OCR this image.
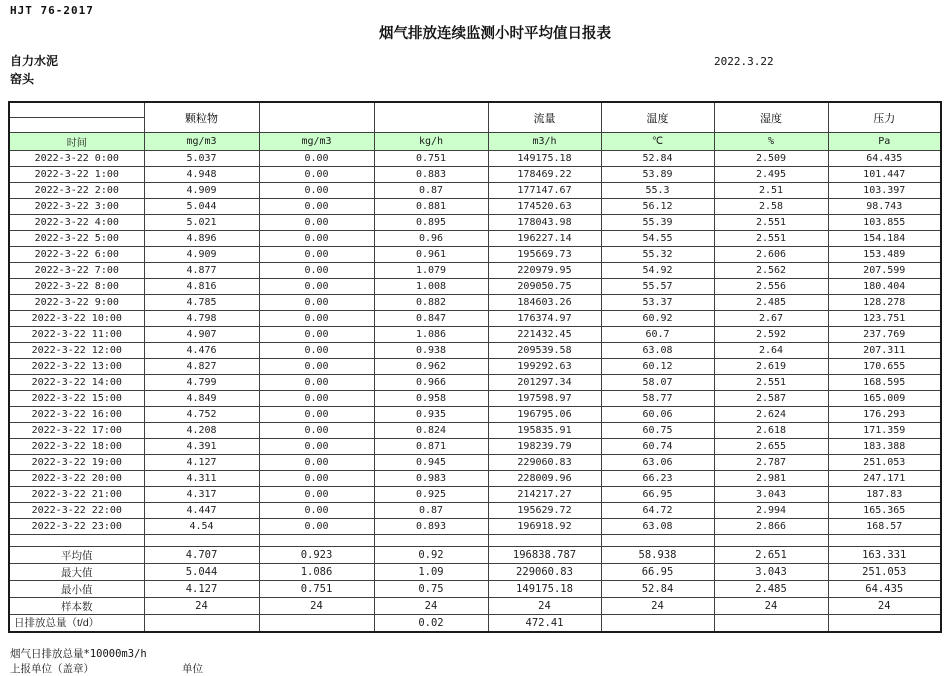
HJT 76-2017
烟气排放连续监测小时平均值日报表
自力水泥
窑头
2022.3.22
	颗粒物			流量	温度	湿度	压力
时间	mg/m3	mg/m3	kg/h	m3/h	℃	%	Pa
2022-3-22 0:00	5.037	0.00	0.751	149175.18	52.84	2.509	64.435
2022-3-22 1:00	4.948	0.00	0.883	178469.22	53.89	2.495	101.447
2022-3-22 2:00	4.909	0.00	0.87	177147.67	55.3	2.51	103.397
2022-3-22 3:00	5.044	0.00	0.881	174520.63	56.12	2.58	98.743
2022-3-22 4:00	5.021	0.00	0.895	178043.98	55.39	2.551	103.855
2022-3-22 5:00	4.896	0.00	0.96	196227.14	54.55	2.551	154.184
2022-3-22 6:00	4.909	0.00	0.961	195669.73	55.32	2.606	153.489
2022-3-22 7:00	4.877	0.00	1.079	220979.95	54.92	2.562	207.599
2022-3-22 8:00	4.816	0.00	1.008	209050.75	55.57	2.556	180.404
2022-3-22 9:00	4.785	0.00	0.882	184603.26	53.37	2.485	128.278
2022-3-22 10:00	4.798	0.00	0.847	176374.97	60.92	2.67	123.751
2022-3-22 11:00	4.907	0.00	1.086	221432.45	60.7	2.592	237.769
2022-3-22 12:00	4.476	0.00	0.938	209539.58	63.08	2.64	207.311
2022-3-22 13:00	4.827	0.00	0.962	199292.63	60.12	2.619	170.655
2022-3-22 14:00	4.799	0.00	0.966	201297.34	58.07	2.551	168.595
2022-3-22 15:00	4.849	0.00	0.958	197598.97	58.77	2.587	165.009
2022-3-22 16:00	4.752	0.00	0.935	196795.06	60.06	2.624	176.293
2022-3-22 17:00	4.208	0.00	0.824	195835.91	60.75	2.618	171.359
2022-3-22 18:00	4.391	0.00	0.871	198239.79	60.74	2.655	183.388
2022-3-22 19:00	4.127	0.00	0.945	229060.83	63.06	2.787	251.053
2022-3-22 20:00	4.311	0.00	0.983	228009.96	66.23	2.981	247.171
2022-3-22 21:00	4.317	0.00	0.925	214217.27	66.95	3.043	187.83
2022-3-22 22:00	4.447	0.00	0.87	195629.72	64.72	2.994	165.365
2022-3-22 23:00	4.54	0.00	0.893	196918.92	63.08	2.866	168.57

平均值	4.707	0.923	0.92	196838.787	58.938	2.651	163.331
最大值	5.044	1.086	1.09	229060.83	66.95	3.043	251.053
最小值	4.127	0.751	0.75	149175.18	52.84	2.485	64.435
样本数	24	24	24	24	24	24	24
日排放总量（t/d）			0.02	472.41			
烟气日排放总量*10000m3/h
上报单位（盖章）	单位
